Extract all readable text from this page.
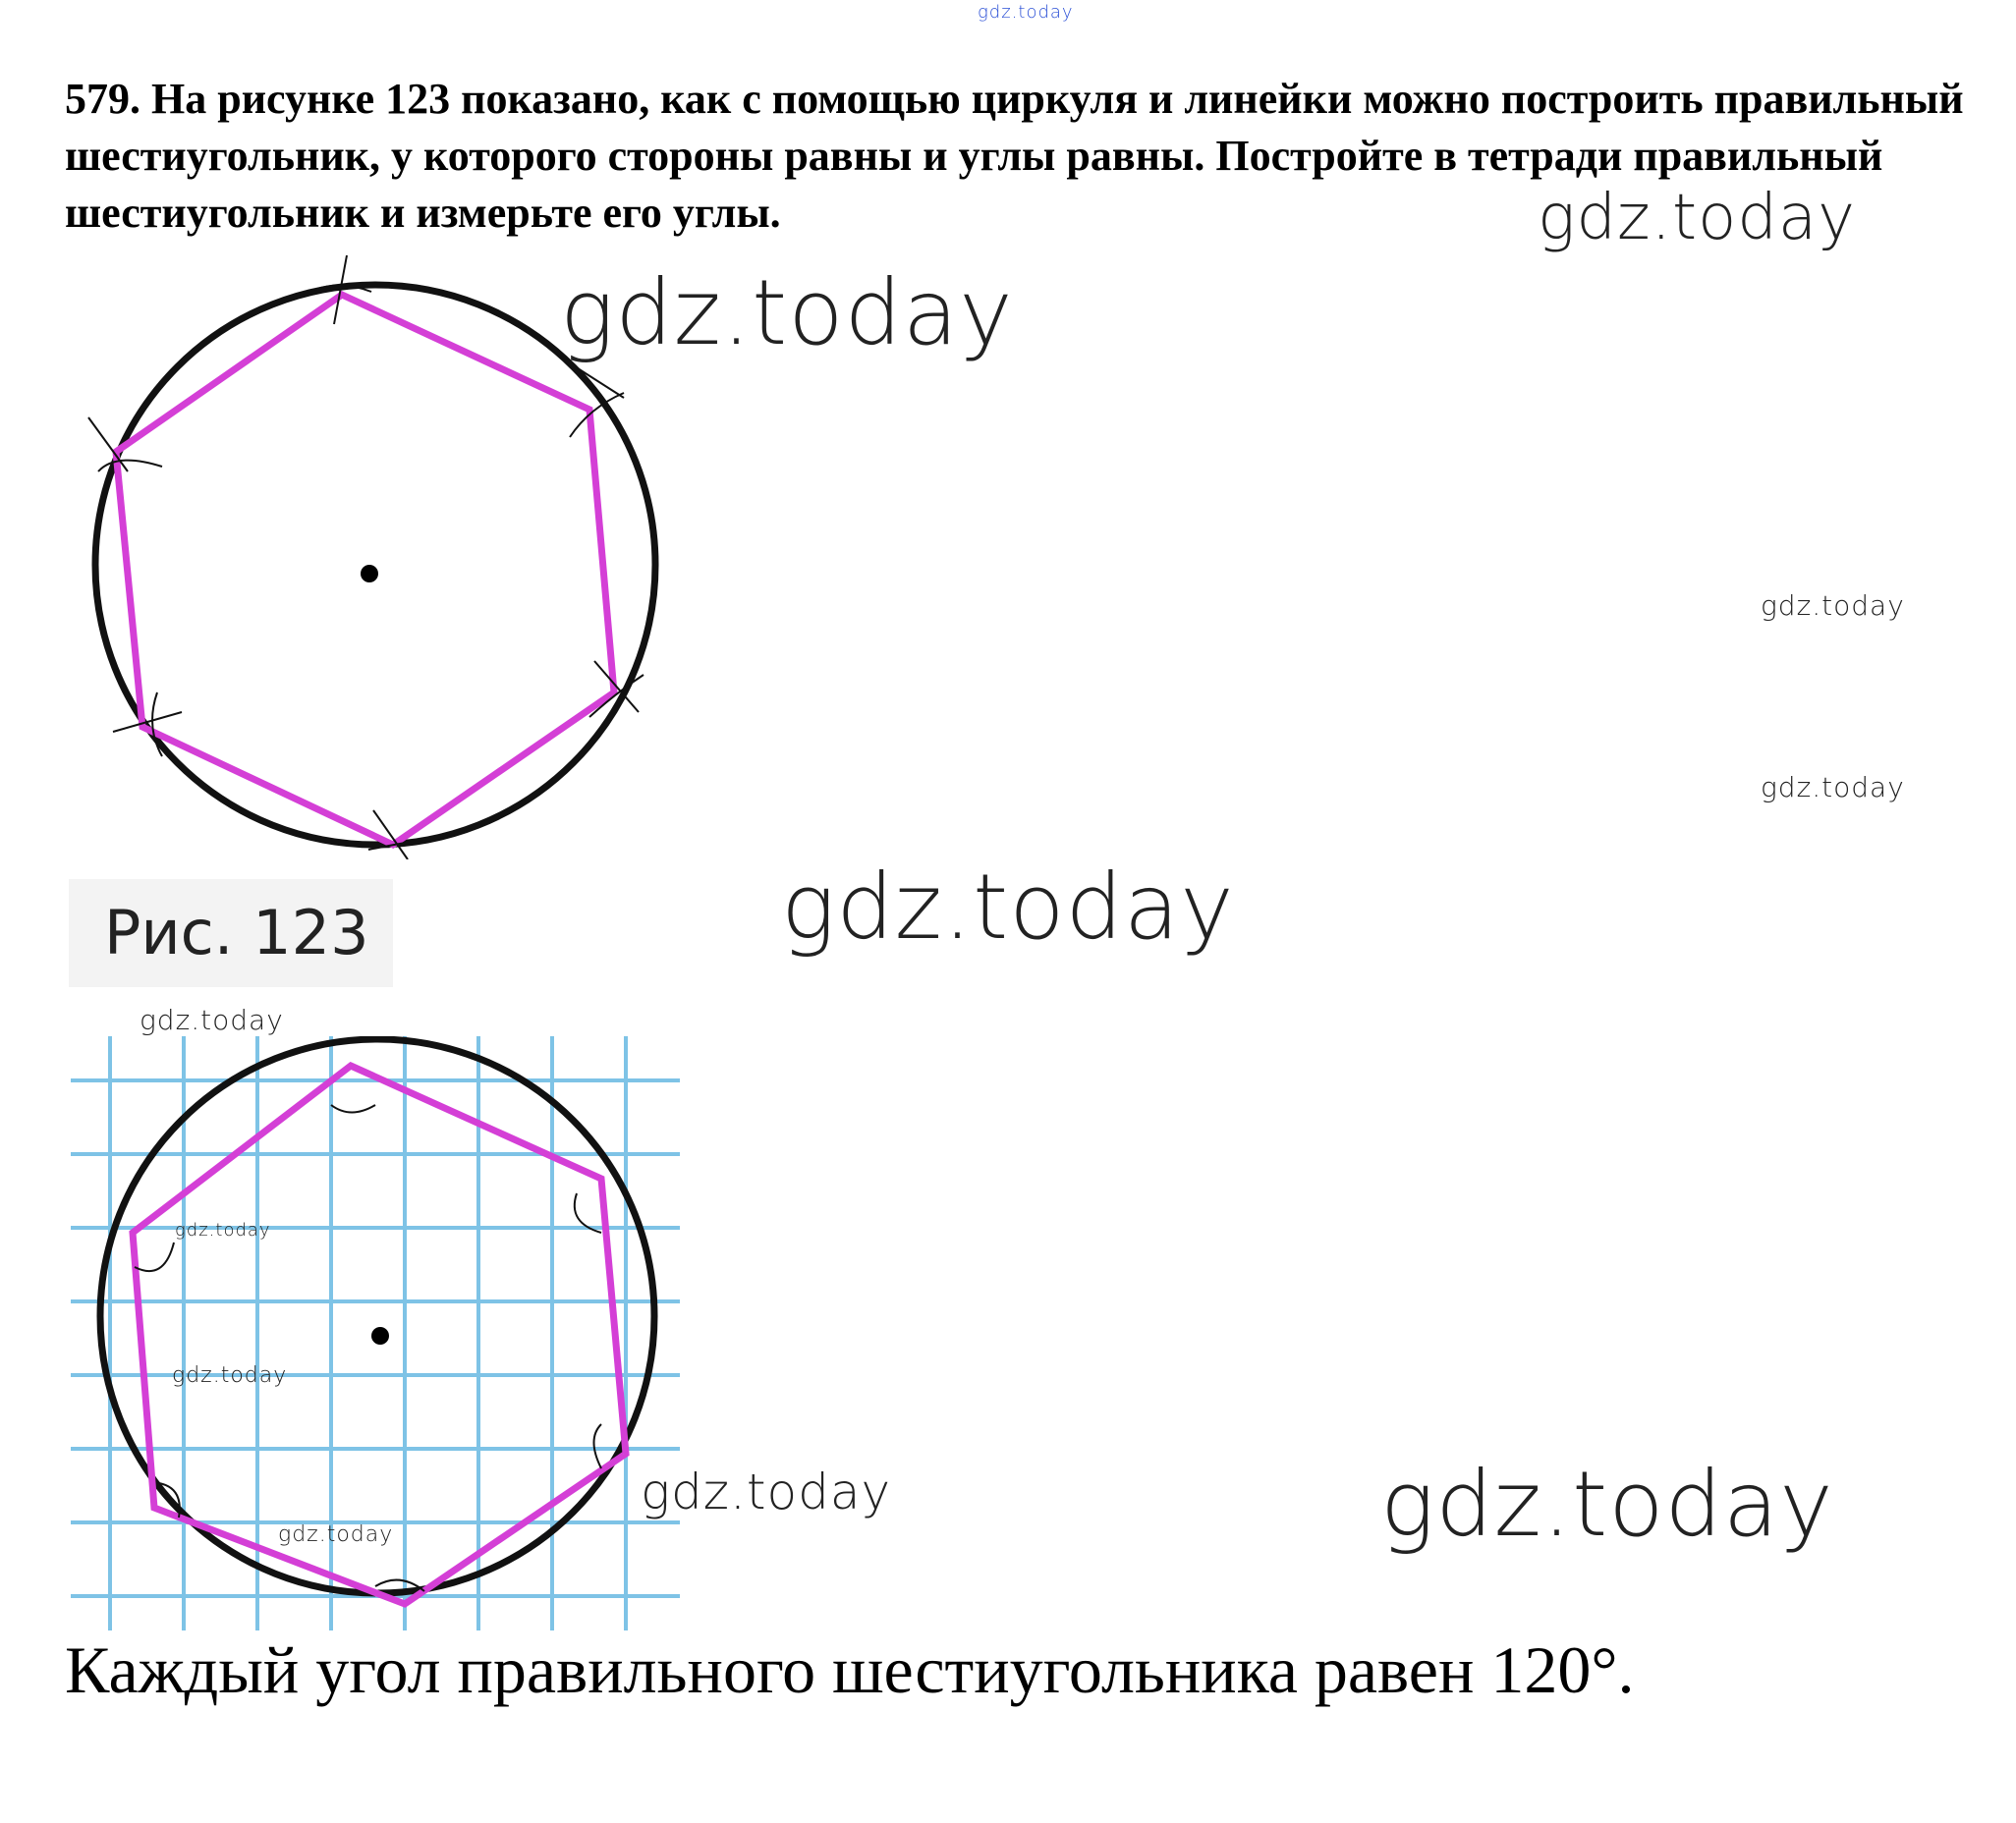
gdz.today
579. На рисунке 123 показано, как с помощью циркуля и линейки можно построить правильный шестиугольник, у которого стороны равны и углы равны. Постройте в тетради правильный шестиугольник и измерьте его углы.
Рис. 123
gdz.today
gdz.today
gdz.today
gdz.today
gdz.today
gdz.today
gdz.today
gdz.today
gdz.today
gdz.today	gdz.today
Каждый угол правильного шестиугольника равен 120°.
